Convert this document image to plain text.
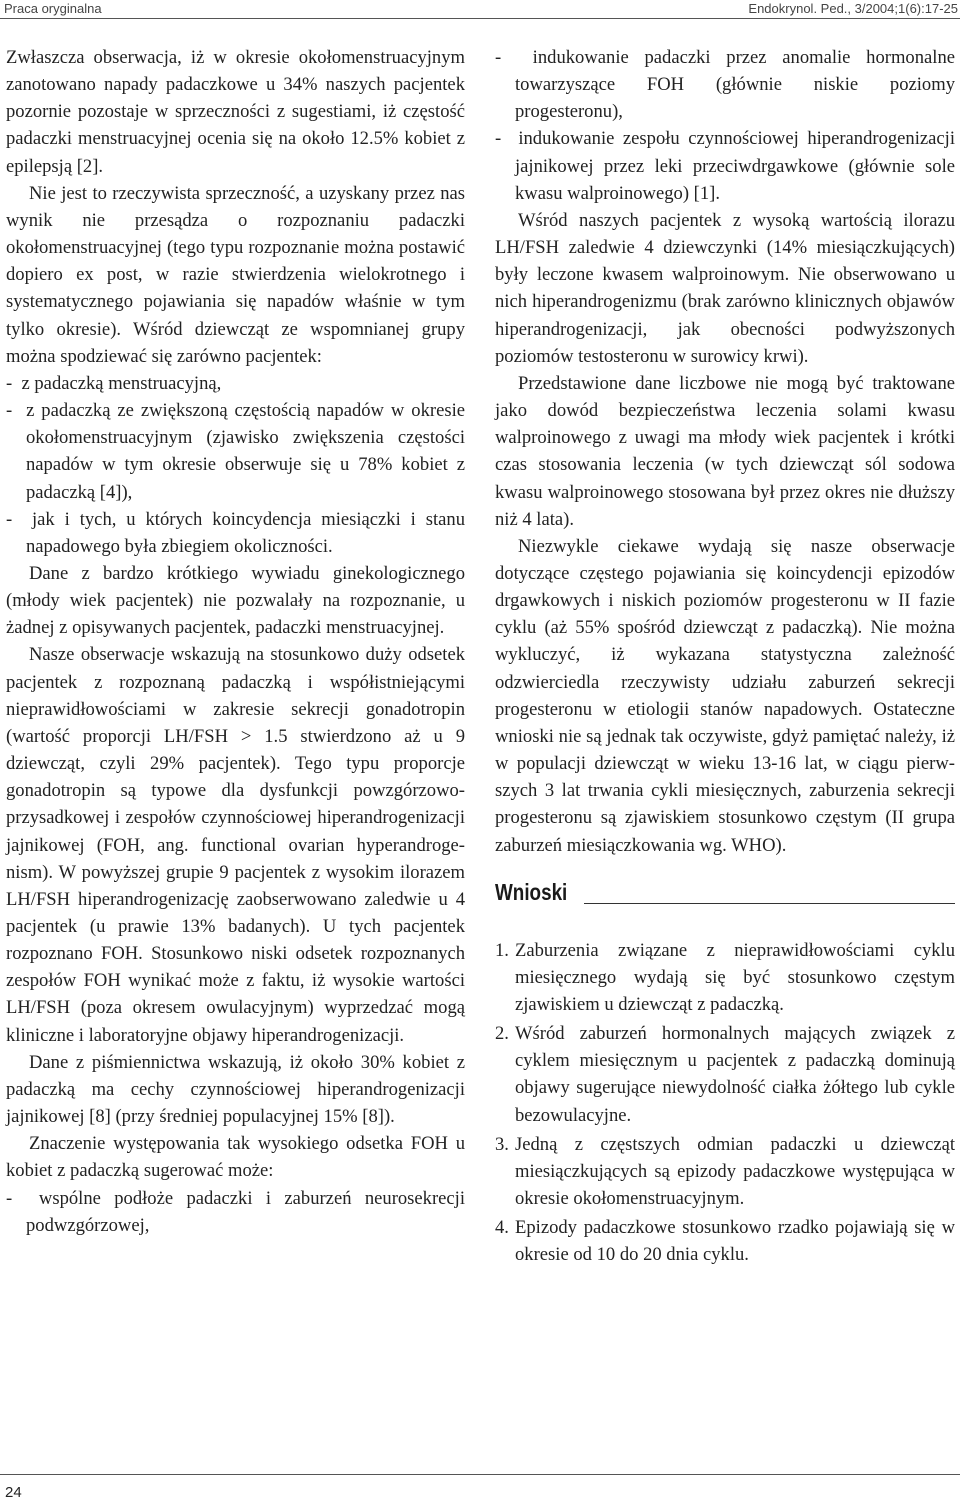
Praca oryginalna	Endokrynol. Ped., 3/2004;1(6):17-25

Zwłaszcza obserwacja, iż w okresie okołomenstruacyjnym zanotowano napady padaczkowe u 34% naszych pacjentek pozornie pozostaje w sprzeczności z sugestiami, iż częstość padaczki menstruacyjnej ocenia się na około 12.5% kobiet z epilepsją [2].

Nie jest to rzeczywista sprzeczność, a uzyskany przez nas wynik nie przesądza o rozpoznaniu padaczki okołomenstruacyjnej (tego typu rozpoznanie można postawić dopiero ex post, w razie stwierdzenia wielokrotnego i systematycznego pojawiania się napadów właśnie w tym tylko okresie). Wśród dziewcząt ze wspomnianej grupy można spodziewać się zarówno pacjentek:

-  z padaczką menstruacyjną,

-  z padaczką ze zwiększoną częstością napadów w okresie okołomenstruacyjnym (zjawisko zwiększenia częstości napadów w tym okresie obserwuje się u 78% kobiet z padaczką [4]),

-  jak i tych, u których koincydencja miesiączki i stanu napadowego była zbiegiem okoliczności.

Dane z bardzo krótkiego wywiadu ginekologicznego (młody wiek pacjentek) nie pozwalały na rozpoznanie, u żadnej z opisywanych pacjentek, padaczki menstruacyjnej.

Nasze obserwacje wskazują na stosunkowo duży odsetek pacjentek z rozpoznaną padaczką i współistniejącymi nieprawidłowościami w zakresie sekrecji gonadotropin (wartość proporcji LH/FSH > 1.5 stwierdzono aż u 9 dziewcząt, czyli 29% pacjentek). Tego typu proporcje gonadotropin są typowe dla dysfunkcji powzgórzowo-przysadkowej i zespołów czynnościowej hiperandrogenizacji jajnikowej (FOH, ang. functional ovarian hyperandrogenism). W powyższej grupie 9 pacjentek z wysokim ilorazem LH/FSH hiperandrogenizację zaobserwowano zaledwie u 4 pacjentek (u prawie 13% badanych). U tych pacjentek rozpoznano FOH. Stosunkowo niski odsetek rozpoznanych zespołów FOH wynikać może z faktu, iż wysokie wartości LH/FSH (poza okresem owulacyjnym) wyprzedzać mogą kliniczne i laboratoryjne objawy hiperandrogenizacji.

Dane z piśmiennictwa wskazują, iż około 30% kobiet z padaczką ma cechy czynnościowej hiperandrogenizacji jajnikowej [8] (przy średniej populacyjnej 15% [8]).

Znaczenie występowania tak wysokiego odsetka FOH u kobiet z padaczką sugerować może:

-  wspólne podłoże padaczki i zaburzeń neurosekrecji podwzgórzowej,

-  indukowanie padaczki przez anomalie hormonalne towarzyszące FOH (głównie niskie poziomy progesteronu),

-  indukowanie zespołu czynnościowej hiperandrogenizacji jajnikowej przez leki przeciwdrgawkowe (głównie sole kwasu walproinowego) [1].

Wśród naszych pacjentek z wysoką wartością ilorazu LH/FSH zaledwie 4 dziewczynki (14% miesiączkujących) były leczone kwasem walproinowym. Nie obserwowano u nich hiperandrogenizmu (brak zarówno klinicznych objawów hiperandrogenizacji, jak obecności podwyższonych poziomów testosteronu w surowicy krwi).

Przedstawione dane liczbowe nie mogą być traktowane jako dowód bezpieczeństwa leczenia solami kwasu walproinowego z uwagi ma młody wiek pacjentek i krótki czas stosowania leczenia (w tych dziewcząt sól sodowa kwasu walproinowego stosowana był przez okres nie dłuższy niż 4 lata).

Niezwykle ciekawe wydają się nasze obserwacje dotyczące częstego pojawiania się koincydencji epizodów drgawkowych i niskich poziomów progesteronu w II fazie cyklu (aż 55% spośród dziewcząt z padaczką). Nie można wykluczyć, iż wykazana statystyczna zależność odzwierciedla rzeczywisty udziału zaburzeń sekrecji progesteronu w etiologii stanów napadowych. Ostateczne wnioski nie są jednak tak oczywiste, gdyż pamiętać należy, iż w populacji dziewcząt w wieku 13-16 lat, w ciągu pierwszych 3 lat trwania cykli miesięcznych, zaburzenia sekrecji progesteronu są zjawiskiem stosunkowo częstym (II grupa zaburzeń miesiączkowania wg. WHO).

Wnioski
1. Zaburzenia związane z nieprawidłowościami cyklu miesięcznego wydają się być stosunkowo częstym zjawiskiem u dziewcząt z padaczką.
2. Wśród zaburzeń hormonalnych mających związek z cyklem miesięcznym u pacjentek z padaczką dominują objawy sugerujące niewydolność ciałka żółtego lub cykle bezowulacyjne.
3. Jedną z częstszych odmian padaczki u dziewcząt miesiączkujących są epizody padaczkowe występująca w okresie okołomenstruacyjnym.
4. Epizody padaczkowe stosunkowo rzadko pojawiają się w okresie od 10 do 20 dnia cyklu.
24
